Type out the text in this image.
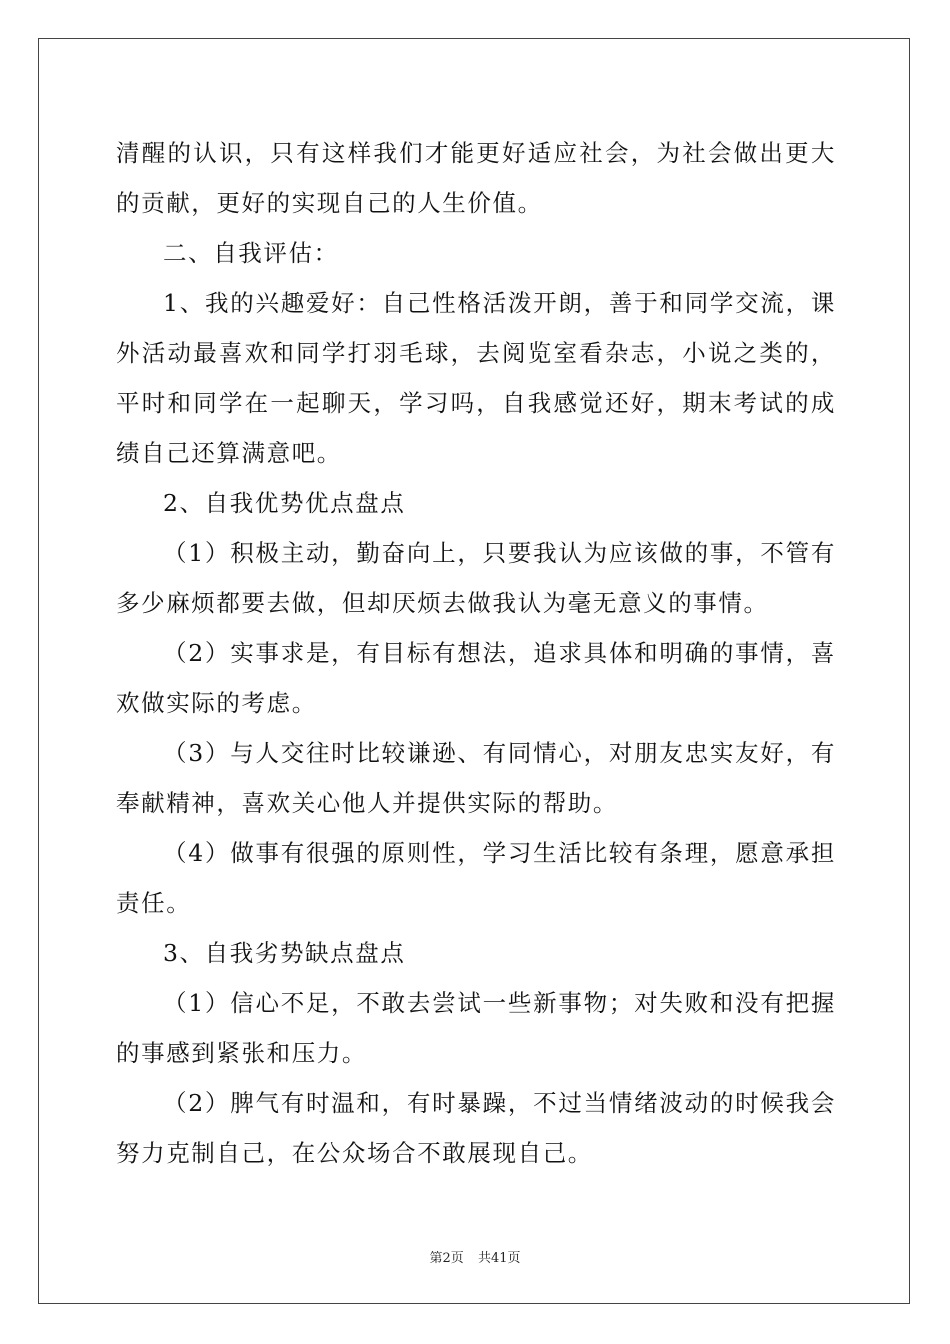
清醒的认识，只有这样我们才能更好适应社会，为社会做出更大的贡献，更好的实现自己的人生价值。

二、自我评估：

1、我的兴趣爱好：自己性格活泼开朗，善于和同学交流，课外活动最喜欢和同学打羽毛球，去阅览室看杂志，小说之类的，平时和同学在一起聊天，学习吗，自我感觉还好，期末考试的成绩自己还算满意吧。

2、自我优势优点盘点

（1）积极主动，勤奋向上，只要我认为应该做的事，不管有多少麻烦都要去做，但却厌烦去做我认为毫无意义的事情。

（2）实事求是，有目标有想法，追求具体和明确的事情，喜欢做实际的考虑。

（3）与人交往时比较谦逊、有同情心，对朋友忠实友好，有奉献精神，喜欢关心他人并提供实际的帮助。

（4）做事有很强的原则性，学习生活比较有条理，愿意承担责任。

3、自我劣势缺点盘点

（1）信心不足，不敢去尝试一些新事物；对失败和没有把握的事感到紧张和压力。

（2）脾气有时温和，有时暴躁，不过当情绪波动的时候我会努力克制自己，在公众场合不敢展现自己。

第2页 共41页
